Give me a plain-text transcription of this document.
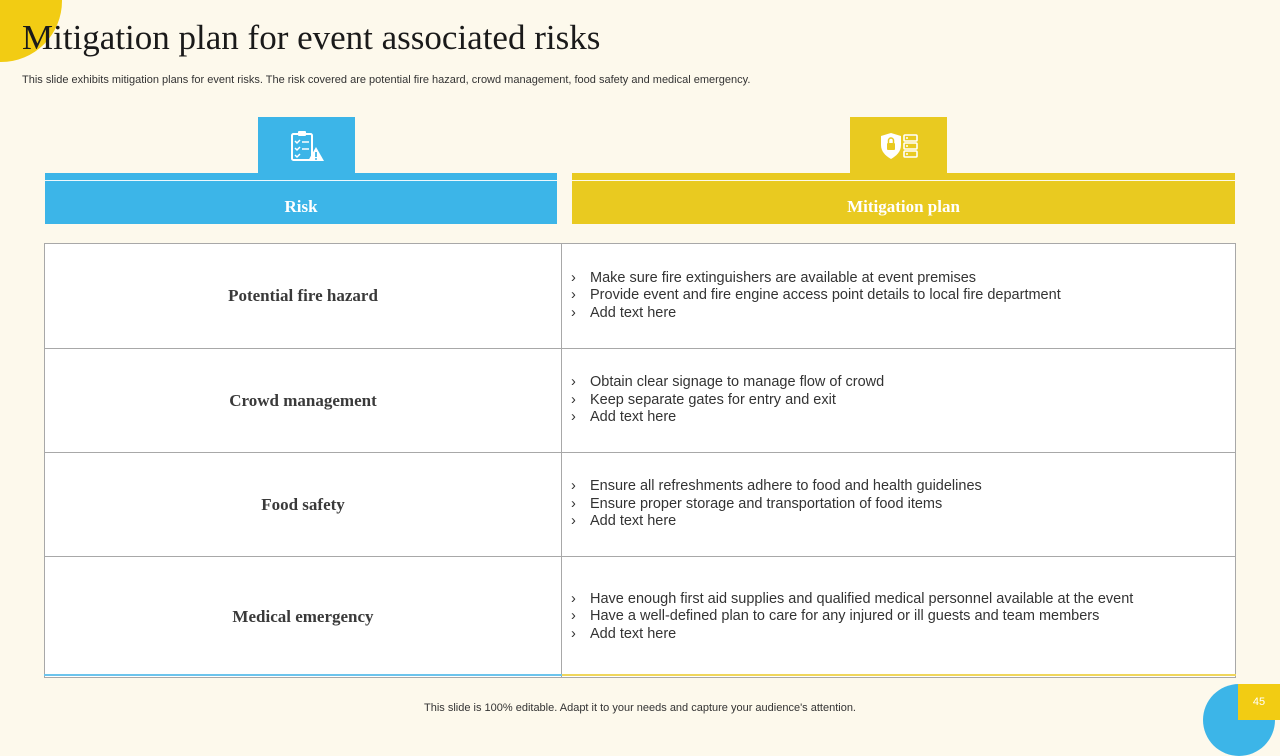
Mitigation plan for event associated risks

This slide exhibits mitigation plans for event risks. The risk covered are potential fire hazard, crowd management, food safety and medical emergency.

Risk	Mitigation plan
Potential fire hazard
› Make sure fire extinguishers are available at event premises
› Provide event and fire engine access point details to local fire department
› Add text here
Crowd management
› Obtain clear signage to manage flow of crowd
› Keep separate gates for entry and exit
› Add text here
Food safety
› Ensure all refreshments adhere to food and health guidelines
› Ensure proper storage and transportation of food items
› Add text here
Medical emergency
› Have enough first aid supplies and qualified medical personnel available at the event
› Have a well-defined plan to care for any injured or ill guests and team members
› Add text here

This slide is 100% editable. Adapt it to your needs and capture your audience's attention.	45
